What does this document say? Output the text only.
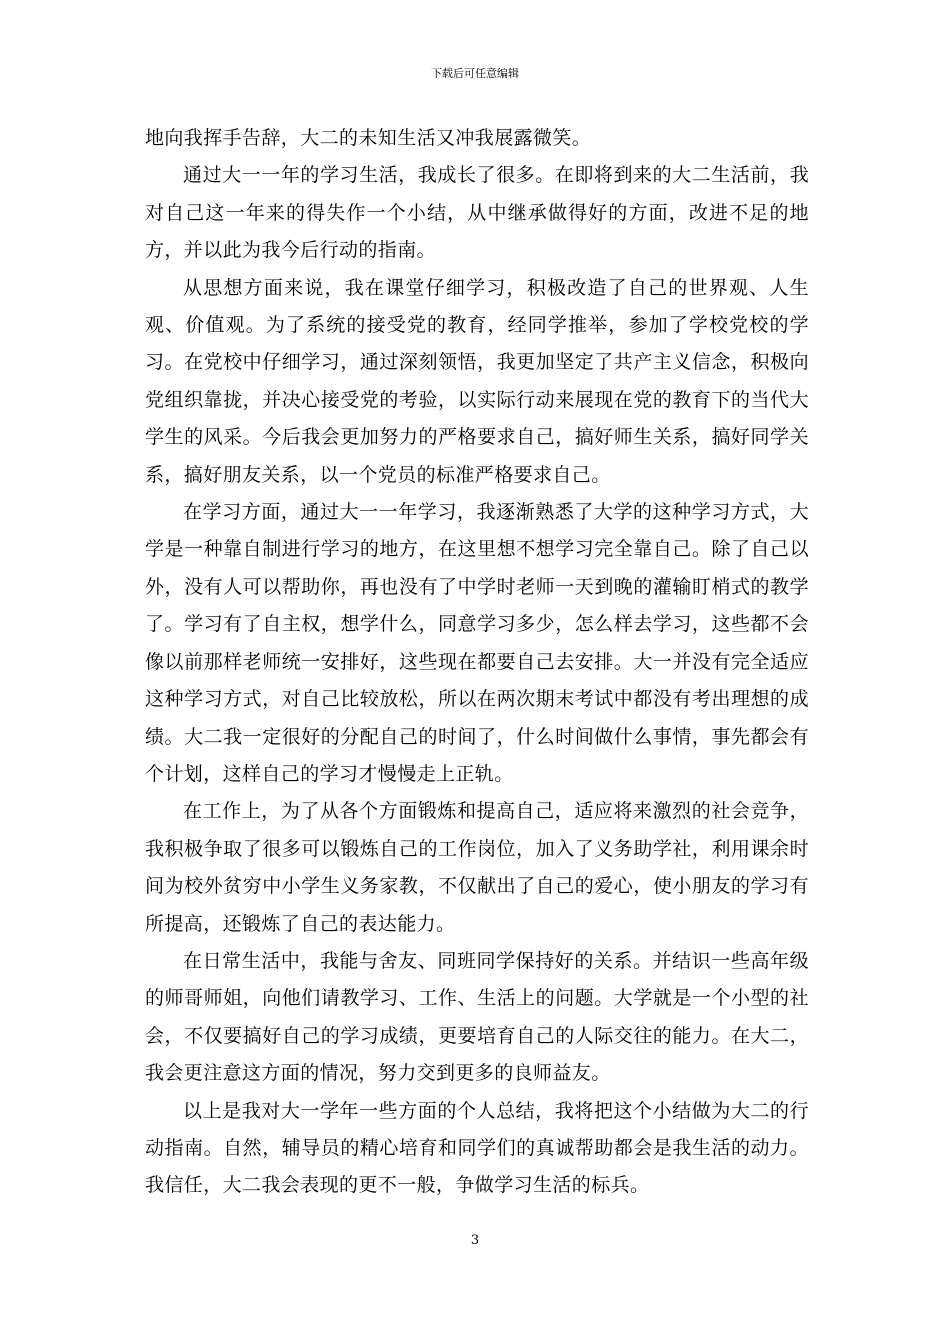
下载后可任意编辑

地向我挥手告辞，大二的未知生活又冲我展露微笑。

通过大一一年的学习生活，我成长了很多。在即将到来的大二生活前，我对自己这一年来的得失作一个小结，从中继承做得好的方面，改进不足的地方，并以此为我今后行动的指南。

从思想方面来说，我在课堂仔细学习，积极改造了自己的世界观、人生观、价值观。为了系统的接受党的教育，经同学推举，参加了学校党校的学习。在党校中仔细学习，通过深刻领悟，我更加坚定了共产主义信念，积极向党组织靠拢，并决心接受党的考验，以实际行动来展现在党的教育下的当代大学生的风采。今后我会更加努力的严格要求自己，搞好师生关系，搞好同学关系，搞好朋友关系，以一个党员的标准严格要求自己。

在学习方面，通过大一一年学习，我逐渐熟悉了大学的这种学习方式，大学是一种靠自制进行学习的地方，在这里想不想学习完全靠自己。除了自己以外，没有人可以帮助你，再也没有了中学时老师一天到晚的灌输盯梢式的教学了。学习有了自主权，想学什么，同意学习多少，怎么样去学习，这些都不会像以前那样老师统一安排好，这些现在都要自己去安排。大一并没有完全适应这种学习方式，对自己比较放松，所以在两次期末考试中都没有考出理想的成绩。大二我一定很好的分配自己的时间了，什么时间做什么事情，事先都会有个计划，这样自己的学习才慢慢走上正轨。

在工作上，为了从各个方面锻炼和提高自己，适应将来激烈的社会竞争，我积极争取了很多可以锻炼自己的工作岗位，加入了义务助学社，利用课余时间为校外贫穷中小学生义务家教，不仅献出了自己的爱心，使小朋友的学习有所提高，还锻炼了自己的表达能力。

在日常生活中，我能与舍友、同班同学保持好的关系。并结识一些高年级的师哥师姐，向他们请教学习、工作、生活上的问题。大学就是一个小型的社会，不仅要搞好自己的学习成绩，更要培育自己的人际交往的能力。在大二，我会更注意这方面的情况，努力交到更多的良师益友。

以上是我对大一学年一些方面的个人总结，我将把这个小结做为大二的行动指南。自然，辅导员的精心培育和同学们的真诚帮助都会是我生活的动力。我信任，大二我会表现的更不一般，争做学习生活的标兵。

3
